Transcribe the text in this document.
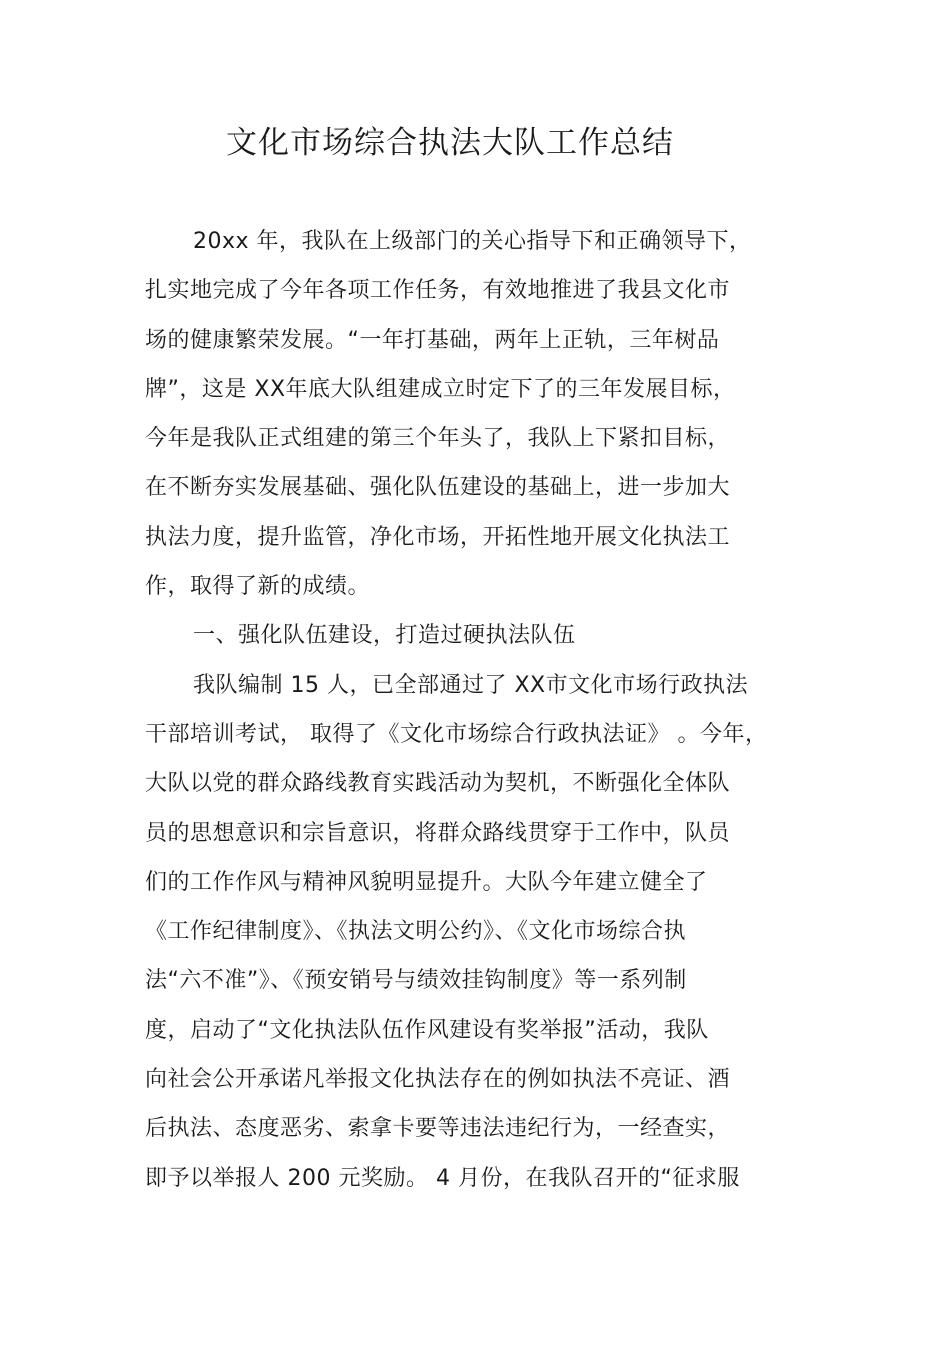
文化市场综合执法大队工作总结
20xx 年，我队在上级部门的关心指导下和正确领导下，
扎实地完成了今年各项工作任务，有效地推进了我县文化市
场的健康繁荣发展。“一年打基础，两年上正轨，三年树品
牌”，这是 XX年底大队组建成立时定下了的三年发展目标，
今年是我队正式组建的第三个年头了，我队上下紧扣目标，
在不断夯实发展基础、强化队伍建设的基础上，进一步加大
执法力度，提升监管，净化市场，开拓性地开展文化执法工
作，取得了新的成绩。
一、强化队伍建设，打造过硬执法队伍
我队编制 15 人，已全部通过了 XX市文化市场行政执法
干部培训考试， 取得了《文化市场综合行政执法证》 。今年，
大队以党的群众路线教育实践活动为契机，不断强化全体队
员的思想意识和宗旨意识，将群众路线贯穿于工作中，队员
们的工作作风与精神风貌明显提升。大队今年建立健全了
《工作纪律制度》、《执法文明公约》、《文化市场综合执
法“六不准”》、《预安销号与绩效挂钩制度》等一系列制
度，启动了“文化执法队伍作风建设有奖举报”活动，我队
向社会公开承诺凡举报文化执法存在的例如执法不亮证、酒
后执法、态度恶劣、索拿卡要等违法违纪行为，一经查实，
即予以举报人 200 元奖励。 4 月份，在我队召开的“征求服
